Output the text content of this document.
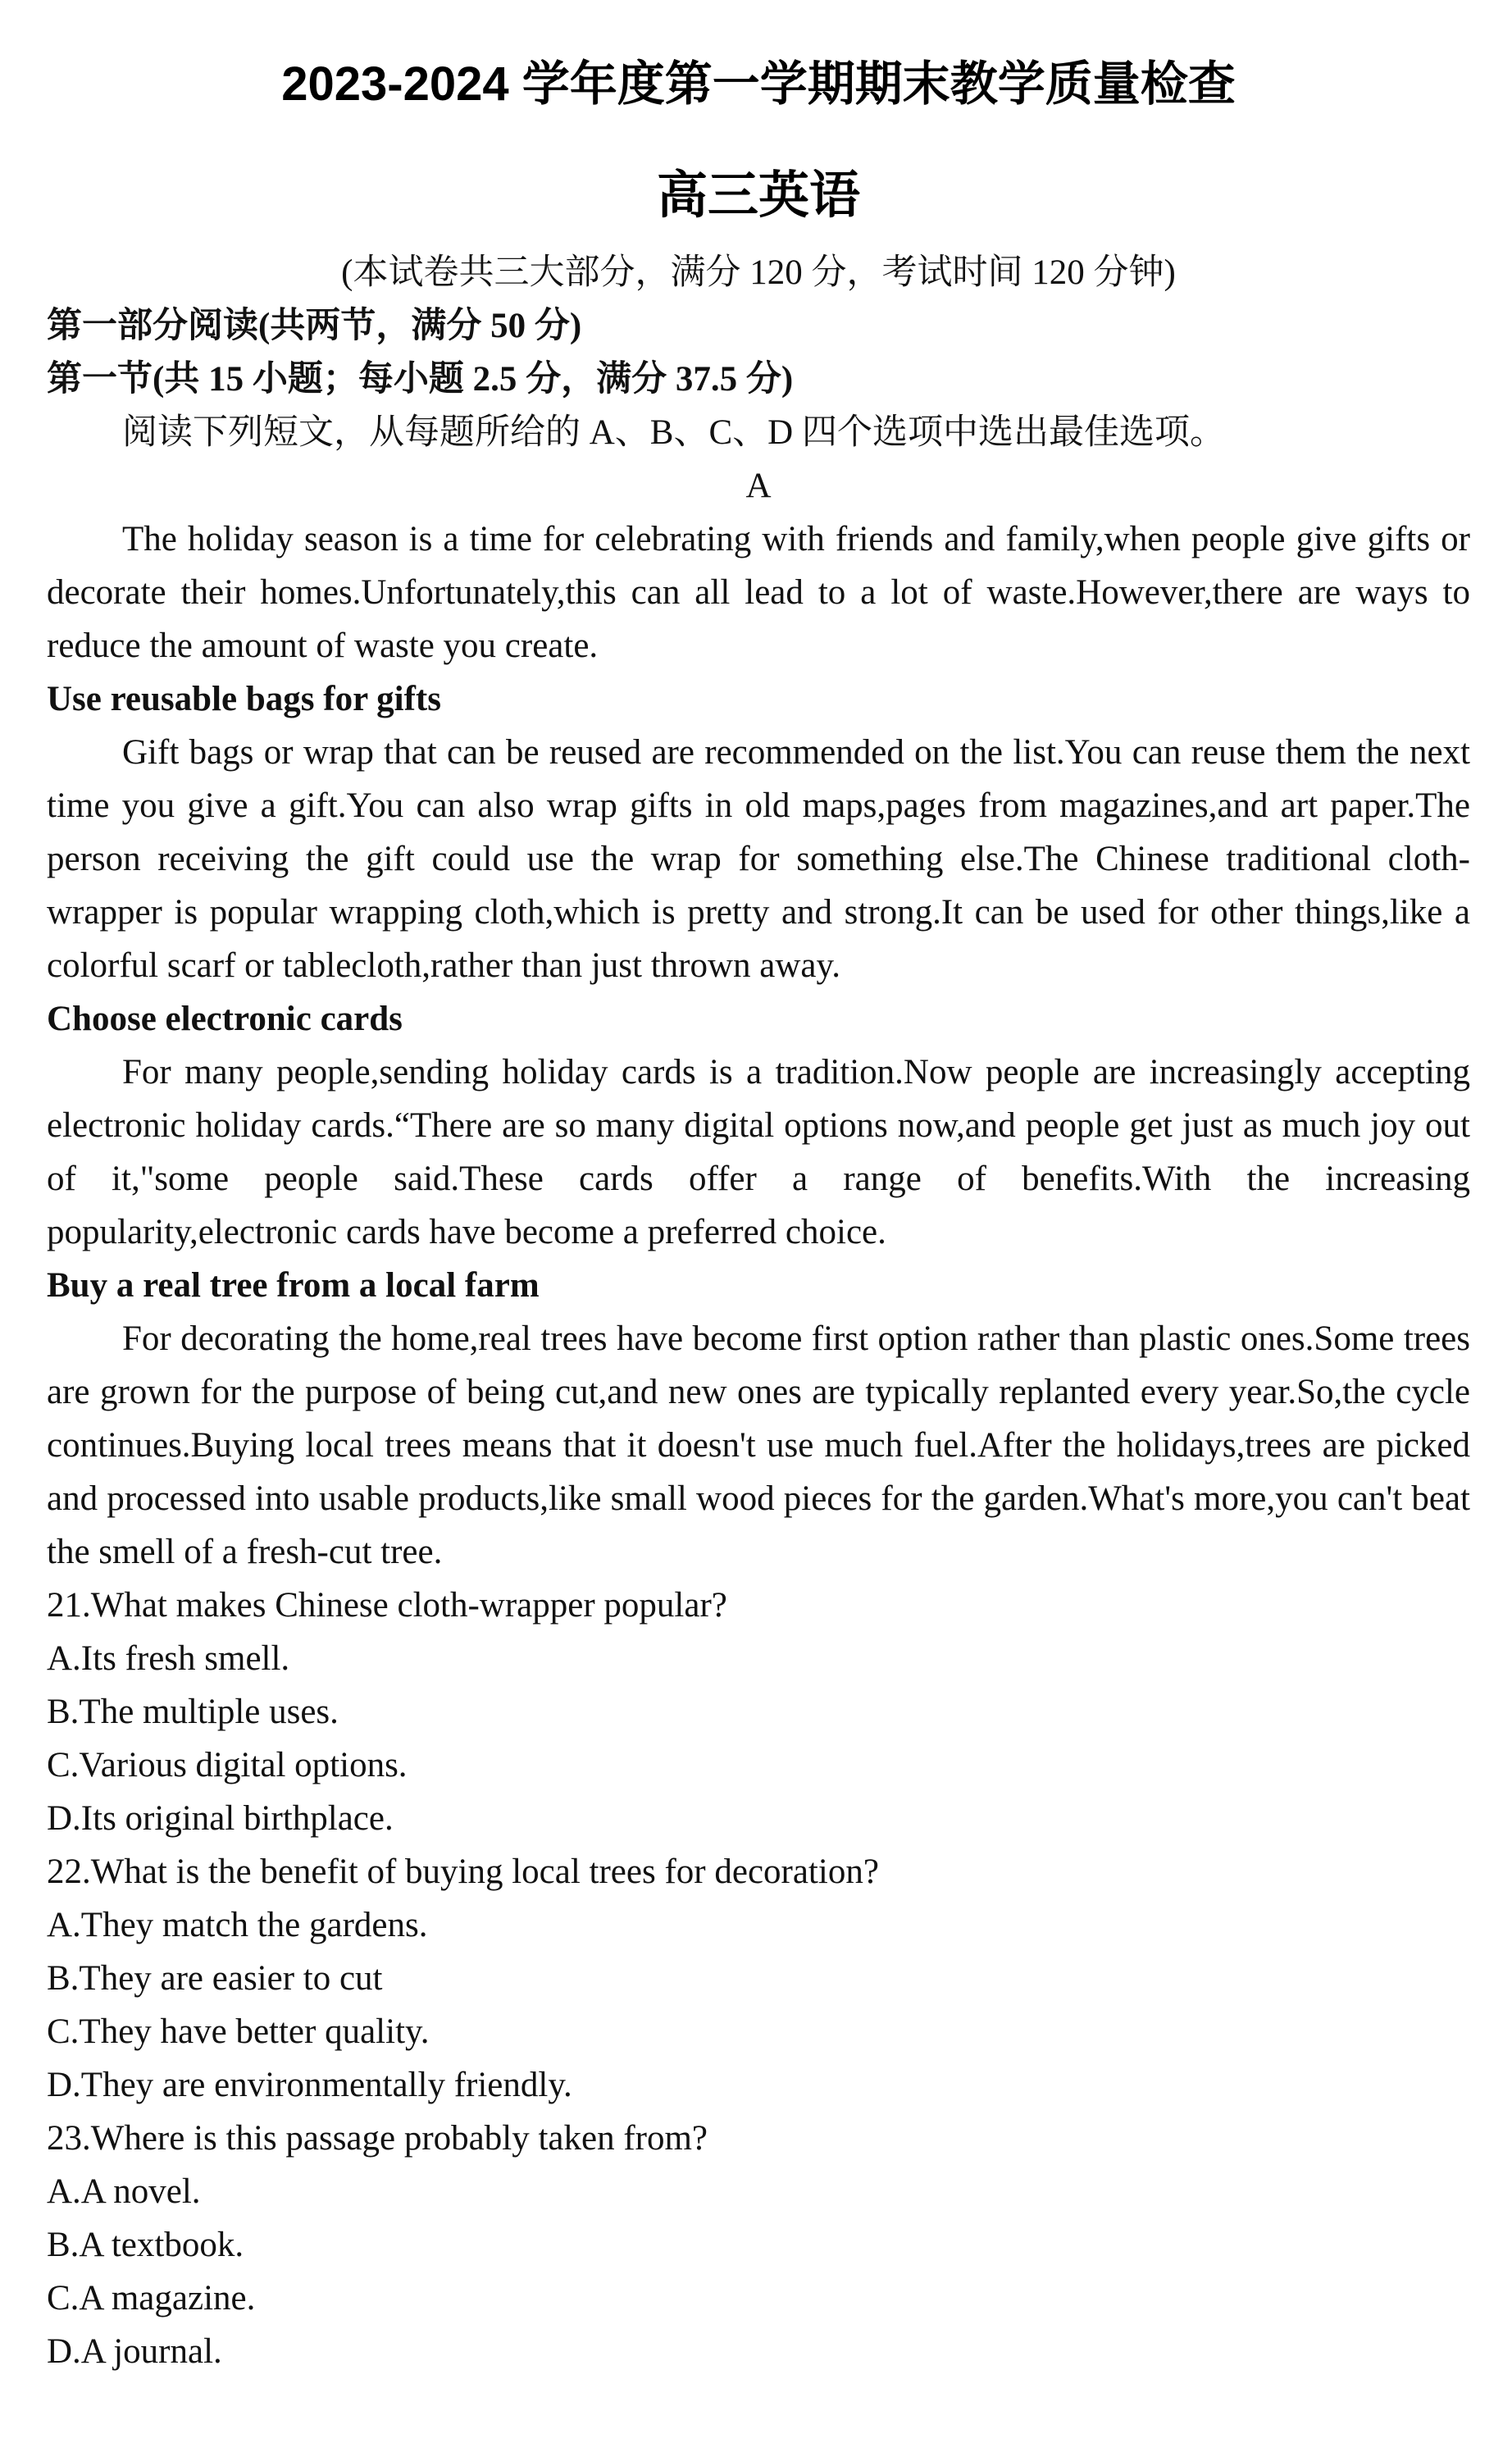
2023-2024 学年度第一学期期末教学质量检查
高三英语
(本试卷共三大部分，满分 120 分，考试时间 120 分钟)
第一部分阅读(共两节，满分 50 分)
第一节(共 15 小题；每小题 2.5 分，满分 37.5 分)
阅读下列短文，从每题所给的 A、B、C、D 四个选项中选出最佳选项。
A

The holiday season is a time for celebrating with friends and family,when people give gifts or decorate their homes.Unfortunately,this can all lead to a lot of waste.However,there are ways to reduce the amount of waste you create.

Use reusable bags for gifts

Gift bags or wrap that can be reused are recommended on the list.You can reuse them the next time you give a gift.You can also wrap gifts in old maps,pages from magazines,and art paper.The person receiving the gift could use the wrap for something else.The Chinese traditional cloth-wrapper is popular wrapping cloth,which is pretty and strong.It can be used for other things,like a colorful scarf or tablecloth,rather than just thrown away.

Choose electronic cards

For many people,sending holiday cards is a tradition.Now people are increasingly accepting electronic holiday cards.“There are so many digital options now,and people get just as much joy out of it,"some people said.These cards offer a range of benefits.With the increasing popularity,electronic cards have become a preferred choice.

Buy a real tree from a local farm

For decorating the home,real trees have become first option rather than plastic ones.Some trees are grown for the purpose of being cut,and new ones are typically replanted every year.So,the cycle continues.Buying local trees means that it doesn't use much fuel.After the holidays,trees are picked and processed into usable products,like small wood pieces for the garden.What's more,you can't beat the smell of a fresh-cut tree.

21.What makes Chinese cloth-wrapper popular?
A.Its fresh smell.
B.The multiple uses.
C.Various digital options.
D.Its original birthplace.
22.What is the benefit of buying local trees for decoration?
A.They match the gardens.
B.They are easier to cut
C.They have better quality.
D.They are environmentally friendly.
23.Where is this passage probably taken from?
A.A novel.
B.A textbook.
C.A magazine.
D.A journal.
